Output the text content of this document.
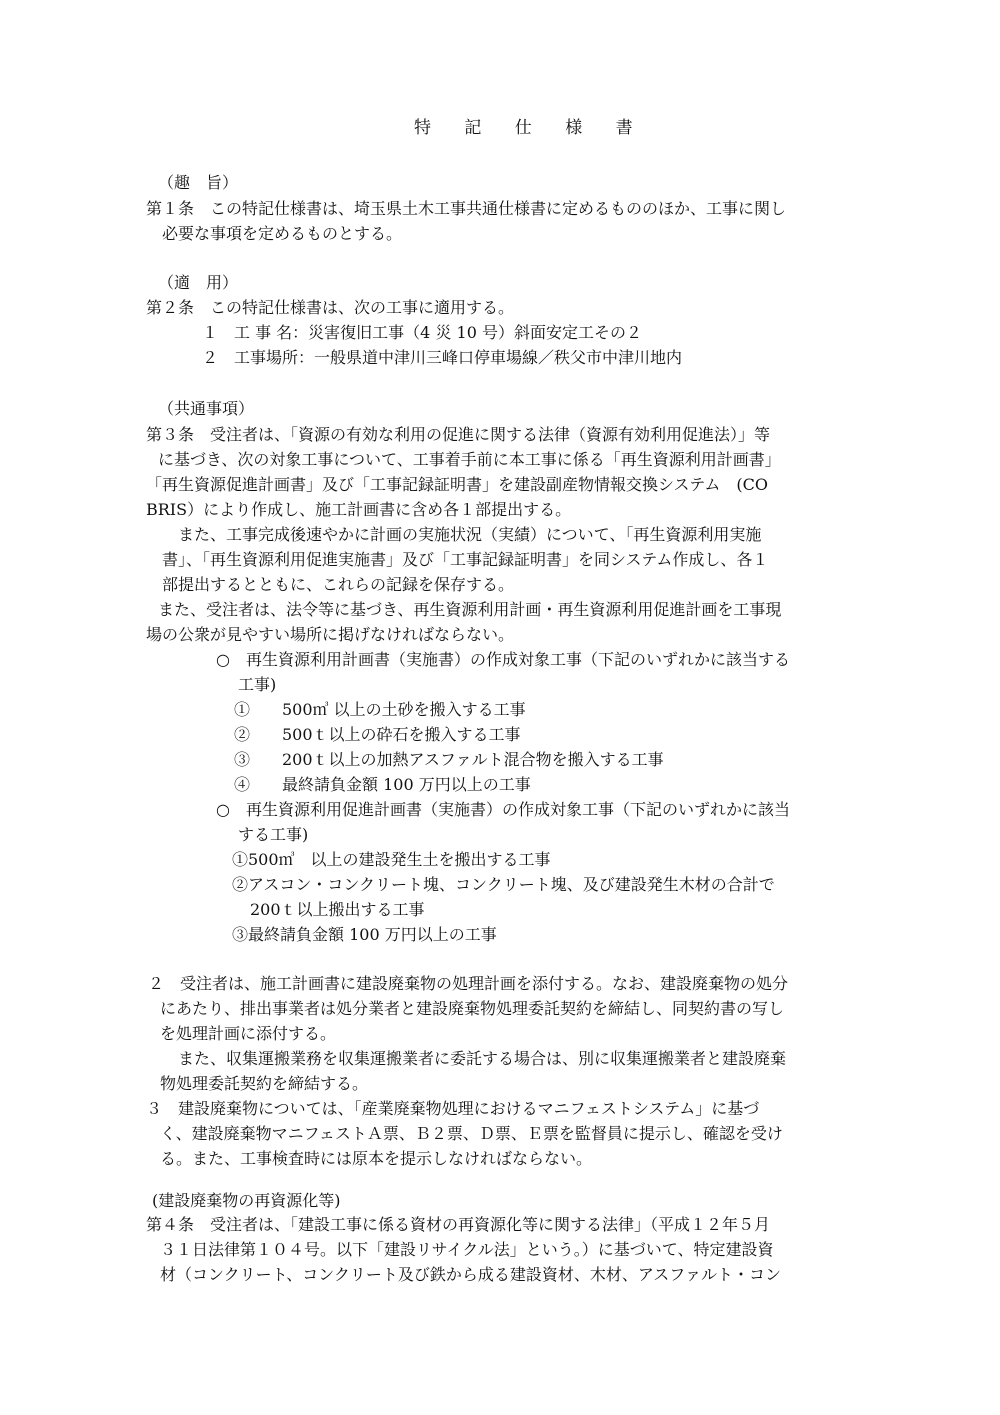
特 記 仕 様 書
（趣　旨）
第１条　この特記仕様書は、埼玉県土木工事共通仕様書に定めるもののほか、工事に関し
必要な事項を定めるものとする。
（適　用）
第２条　この特記仕様書は、次の工事に適用する。
１　工 事 名：災害復旧工事（4 災 10 号）斜面安定工その２
２　工事場所：一般県道中津川三峰口停車場線／秩父市中津川地内
（共通事項）
第３条　受注者は、「資源の有効な利用の促進に関する法律（資源有効利用促進法）」等
に基づき、次の対象工事について、工事着手前に本工事に係る「再生資源利用計画書」
「再生資源促進計画書」及び「工事記録証明書」を建設副産物情報交換システム　(CO
BRIS）により作成し、施工計画書に含め各１部提出する。
また、工事完成後速やかに計画の実施状況（実績）について、「再生資源利用実施
書」、「再生資源利用促進実施書」及び「工事記録証明書」を同システム作成し、各１
部提出するとともに、これらの記録を保存する。
また、受注者は、法令等に基づき、再生資源利用計画・再生資源利用促進計画を工事現
場の公衆が見やすい場所に掲げなければならない。
○　再生資源利用計画書（実施書）の作成対象工事（下記のいずれかに該当する
工事)
①　　500㎥ 以上の土砂を搬入する工事
②　　500ｔ以上の砕石を搬入する工事
③　　200ｔ以上の加熱アスファルト混合物を搬入する工事
④　　最終請負金額 100 万円以上の工事
○　再生資源利用促進計画書（実施書）の作成対象工事（下記のいずれかに該当
する工事)
①500㎥　以上の建設発生土を搬出する工事
②アスコン・コンクリート塊、コンクリート塊、及び建設発生木材の合計で
200ｔ以上搬出する工事
③最終請負金額 100 万円以上の工事
２　受注者は、施工計画書に建設廃棄物の処理計画を添付する。なお、建設廃棄物の処分
にあたり、排出事業者は処分業者と建設廃棄物処理委託契約を締結し、同契約書の写し
を処理計画に添付する。
また、収集運搬業務を収集運搬業者に委託する場合は、別に収集運搬業者と建設廃棄
物処理委託契約を締結する。
３　建設廃棄物については、「産業廃棄物処理におけるマニフェストシステム」に基づ
く、建設廃棄物マニフェストＡ票、Ｂ２票、Ｄ票、Ｅ票を監督員に提示し、確認を受け
る。また、工事検査時には原本を提示しなければならない。
(建設廃棄物の再資源化等)
第４条　受注者は、「建設工事に係る資材の再資源化等に関する法律」（平成１２年５月
３１日法律第１０４号。以下「建設リサイクル法」という。）に基づいて、特定建設資
材（コンクリート、コンクリート及び鉄から成る建設資材、木材、アスファルト・コン
